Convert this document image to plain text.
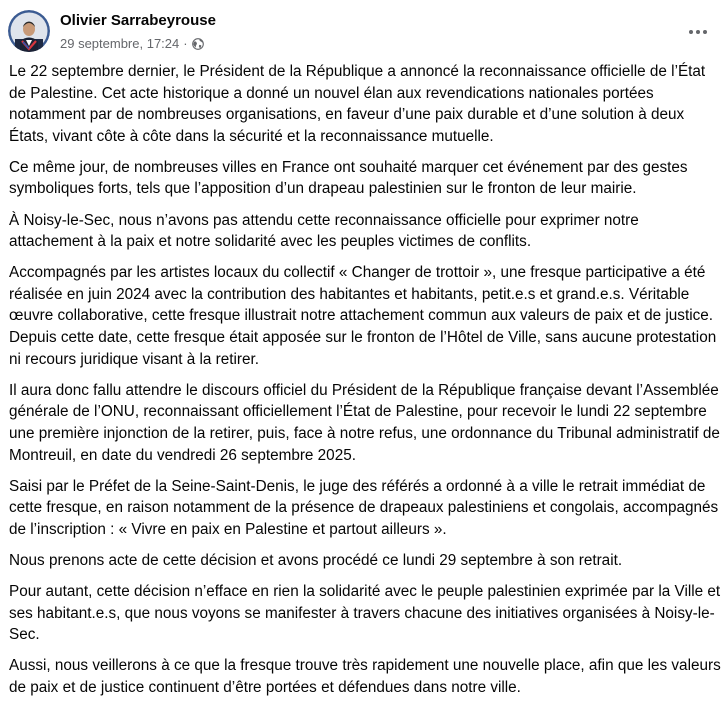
Olivier Sarrabeyrouse
29 septembre, 17:24 ·

Le 22 septembre dernier, le Président de la République a annoncé la reconnaissance officielle de l’État de Palestine. Cet acte historique a donné un nouvel élan aux revendications nationales portées notamment par de nombreuses organisations, en faveur d’une paix durable et d’une solution à deux États, vivant côte à côte dans la sécurité et la reconnaissance mutuelle.

Ce même jour, de nombreuses villes en France ont souhaité marquer cet événement par des gestes symboliques forts, tels que l’apposition d’un drapeau palestinien sur le fronton de leur mairie.

À Noisy-le-Sec, nous n’avons pas attendu cette reconnaissance officielle pour exprimer notre attachement à la paix et notre solidarité avec les peuples victimes de conflits.

Accompagnés par les artistes locaux du collectif « Changer de trottoir », une fresque participative a été réalisée en juin 2024 avec la contribution des habitantes et habitants, petit.e.s et grand.e.s. Véritable œuvre collaborative, cette fresque illustrait notre attachement commun aux valeurs de paix et de justice.

Depuis cette date, cette fresque était apposée sur le fronton de l’Hôtel de Ville, sans aucune protestation ni recours juridique visant à la retirer.

Il aura donc fallu attendre le discours officiel du Président de la République française devant l’Assemblée générale de l’ONU, reconnaissant officiellement l’État de Palestine, pour recevoir le lundi 22 septembre une première injonction de la retirer, puis, face à notre refus, une ordonnance du Tribunal administratif de Montreuil, en date du vendredi 26 septembre 2025.

Saisi par le Préfet de la Seine-Saint-Denis, le juge des référés a ordonné à a ville le retrait immédiat de cette fresque, en raison notamment de la présence de drapeaux palestiniens et congolais, accompagnés de l’inscription : « Vivre en paix en Palestine et partout ailleurs ».

Nous prenons acte de cette décision et avons procédé ce lundi 29 septembre à son retrait.

Pour autant, cette décision n’efface en rien la solidarité avec le peuple palestinien exprimée par la Ville et ses habitant.e.s, que nous voyons se manifester à travers chacune des initiatives organisées à Noisy-le-Sec.

Aussi, nous veillerons à ce que la fresque trouve très rapidement une nouvelle place, afin que les valeurs de paix et de justice continuent d’être portées et défendues dans notre ville.
